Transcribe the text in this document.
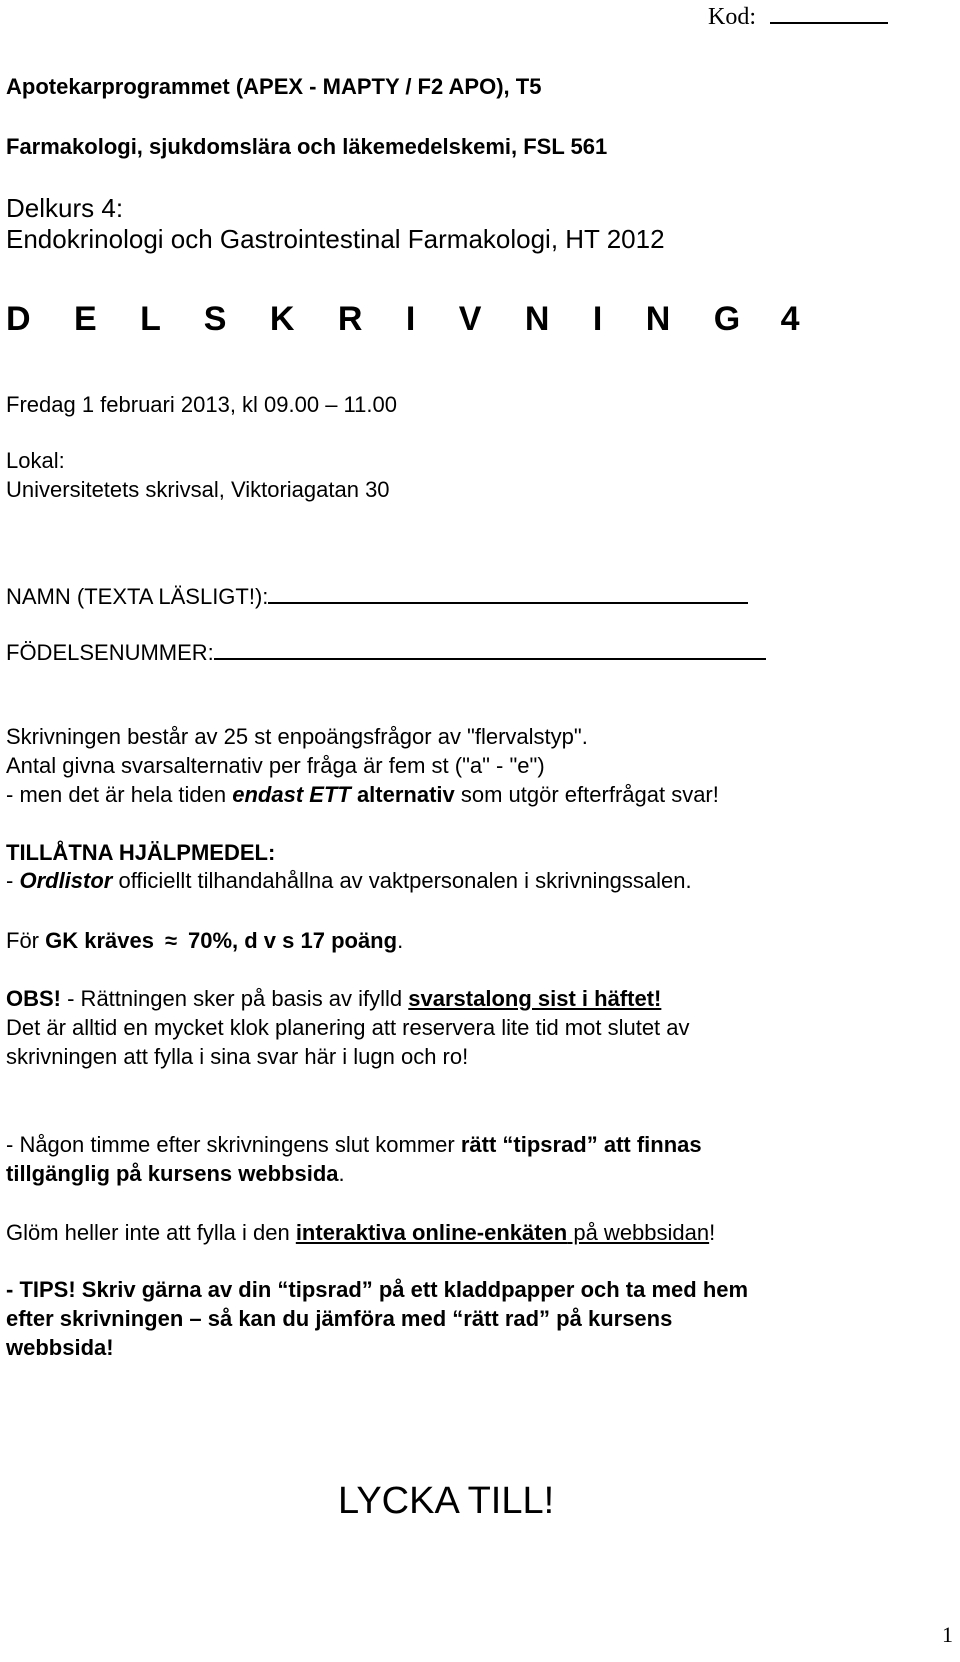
Kod:
Apotekarprogrammet (APEX - MAPTY / F2 APO), T5
Farmakologi, sjukdomslära och läkemedelskemi, FSL 561
Delkurs 4:
Endokrinologi och Gastrointestinal Farmakologi, HT 2012
D E L S K R I V N I N G 4
Fredag 1 februari 2013, kl 09.00 – 11.00
Lokal:
Universitetets skrivsal, Viktoriagatan 30
NAMN (TEXTA LÄSLIGT!):
FÖDELSENUMMER:
Skrivningen består av 25 st enpoängsfrågor av "flervalstyp".
Antal givna svarsalternativ per fråga är fem st ("a" - "e")
- men det är hela tiden endast ETT alternativ som utgör efterfrågat svar!
TILLÅTNA HJÄLPMEDEL:
- Ordlistor officiellt tilhandahållna av vaktpersonalen i skrivningssalen.
För GK kräves ≈ 70%, d v s 17 poäng.
OBS! - Rättningen sker på basis av ifylld svarstalong sist i häftet!
Det är alltid en mycket klok planering att reservera lite tid mot slutet av
skrivningen att fylla i sina svar här i lugn och ro!
- Någon timme efter skrivningens slut kommer rätt “tipsrad” att finnas
tillgänglig på kursens webbsida.
Glöm heller inte att fylla i den interaktiva online-enkäten på webbsidan!
- TIPS! Skriv gärna av din “tipsrad” på ett kladdpapper och ta med hem
efter skrivningen – så kan du jämföra med “rätt rad” på kursens
webbsida!
LYCKA TILL!
1
